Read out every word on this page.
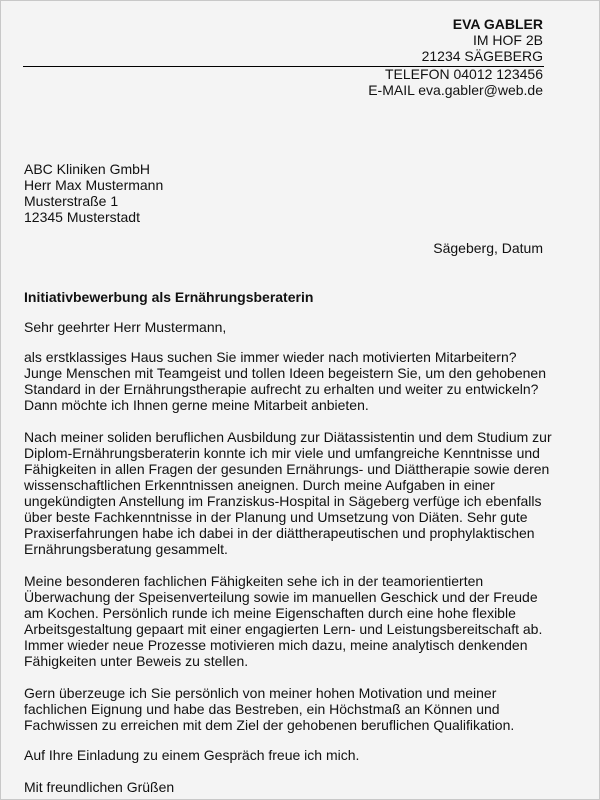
EVA GABLER
IM HOF 2B
21234 SÄGEBERG
TELEFON 04012 123456
E-MAIL eva.gabler@web.de
ABC Kliniken GmbH
Herr Max Mustermann
Musterstraße 1
12345 Musterstadt
Sägeberg, Datum
Initiativbewerbung als Ernährungsberaterin
Sehr geehrter Herr Mustermann,
als erstklassiges Haus suchen Sie immer wieder nach motivierten Mitarbeitern?
Junge Menschen mit Teamgeist und tollen Ideen begeistern Sie, um den gehobenen
Standard in der Ernährungstherapie aufrecht zu erhalten und weiter zu entwickeln?
Dann möchte ich Ihnen gerne meine Mitarbeit anbieten.
Nach meiner soliden beruflichen Ausbildung zur Diätassistentin und dem Studium zur
Diplom-Ernährungsberaterin konnte ich mir viele und umfangreiche Kenntnisse und
Fähigkeiten in allen Fragen der gesunden Ernährungs- und Diättherapie sowie deren
wissenschaftlichen Erkenntnissen aneignen. Durch meine Aufgaben in einer
ungekündigten Anstellung im Franziskus-Hospital in Sägeberg verfüge ich ebenfalls
über beste Fachkenntnisse in der Planung und Umsetzung von Diäten. Sehr gute
Praxiserfahrungen habe ich dabei in der diättherapeutischen und prophylaktischen
Ernährungsberatung gesammelt.
Meine besonderen fachlichen Fähigkeiten sehe ich in der teamorientierten
Überwachung der Speisenverteilung sowie im manuellen Geschick und der Freude
am Kochen. Persönlich runde ich meine Eigenschaften durch eine hohe flexible
Arbeitsgestaltung gepaart mit einer engagierten Lern- und Leistungsbereitschaft ab.
Immer wieder neue Prozesse motivieren mich dazu, meine analytisch denkenden
Fähigkeiten unter Beweis zu stellen.
Gern überzeuge ich Sie persönlich von meiner hohen Motivation und meiner
fachlichen Eignung und habe das Bestreben, ein Höchstmaß an Können und
Fachwissen zu erreichen mit dem Ziel der gehobenen beruflichen Qualifikation.
Auf Ihre Einladung zu einem Gespräch freue ich mich.
Mit freundlichen Grüßen
